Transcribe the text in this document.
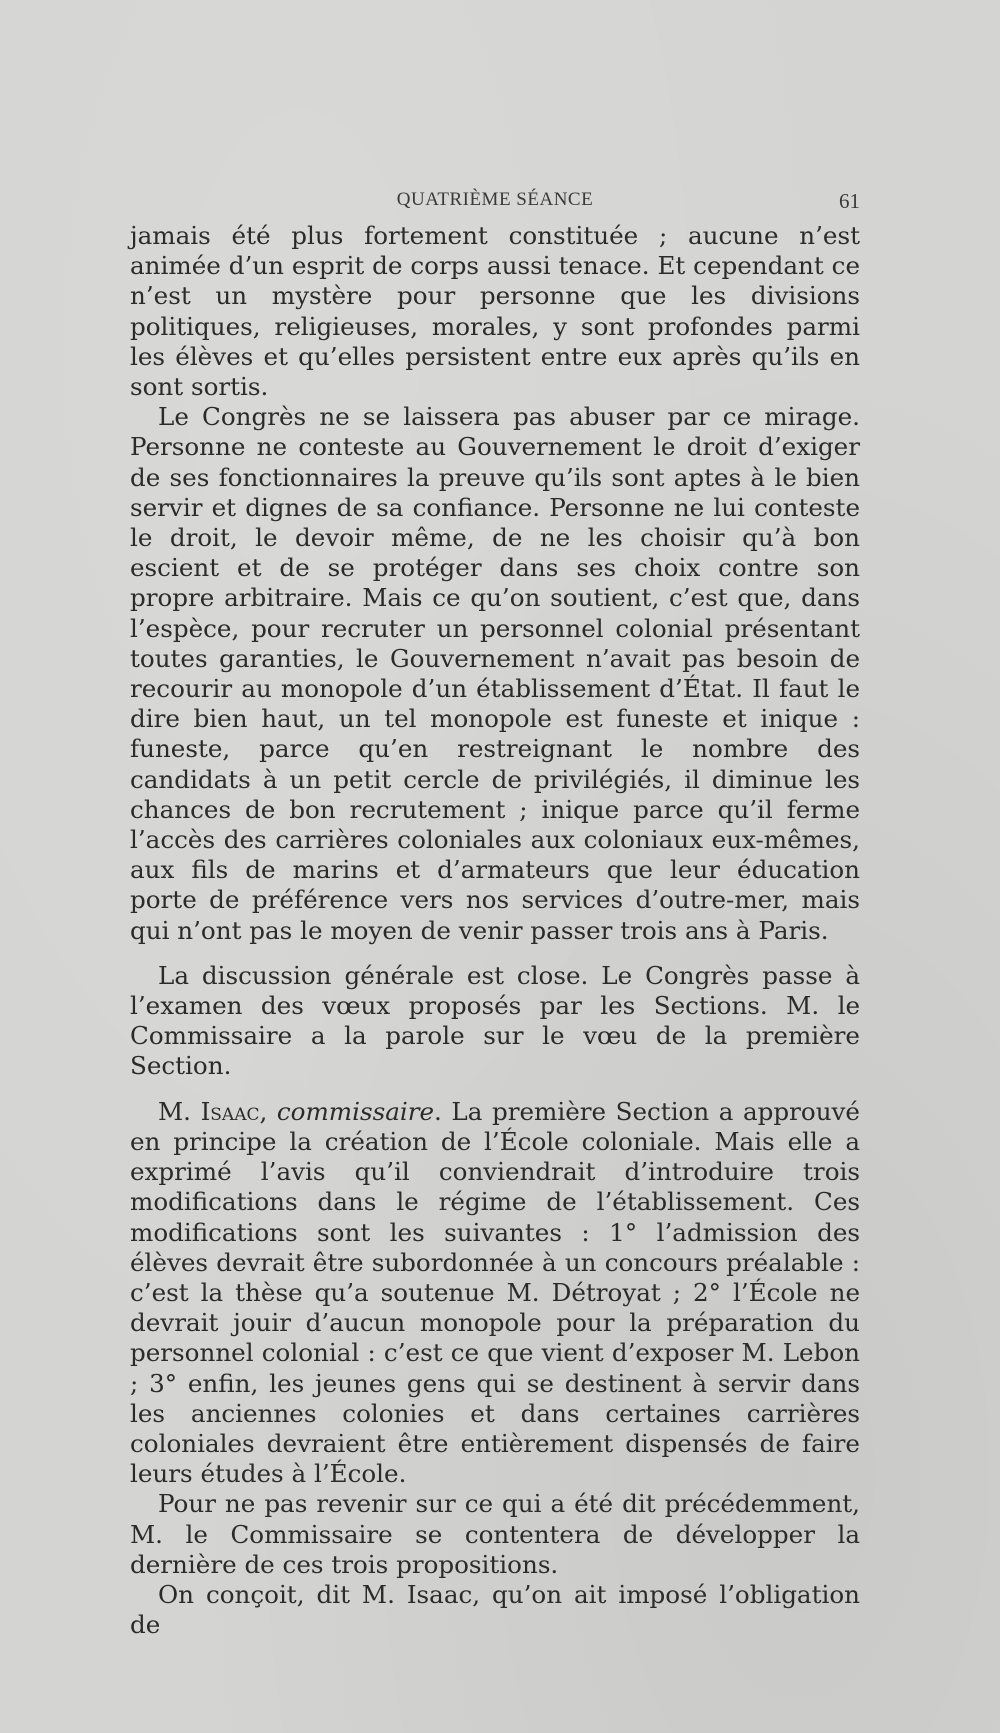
QUATRIÈME SÉANCE	61

jamais été plus fortement constituée ; aucune n’est animée d’un esprit de corps aussi tenace. Et cependant ce n’est un mystère pour personne que les divisions politiques, religieuses, morales, y sont profondes parmi les élèves et qu’elles persistent entre eux après qu’ils en sont sortis.

Le Congrès ne se laissera pas abuser par ce mirage. Personne ne conteste au Gouvernement le droit d’exiger de ses fonctionnaires la preuve qu’ils sont aptes à le bien servir et dignes de sa confiance. Personne ne lui conteste le droit, le devoir même, de ne les choisir qu’à bon escient et de se protéger dans ses choix contre son propre arbitraire. Mais ce qu’on soutient, c’est que, dans l’espèce, pour recruter un personnel colonial présentant toutes garanties, le Gouvernement n’avait pas besoin de recourir au monopole d’un établissement d’État. Il faut le dire bien haut, un tel monopole est funeste et inique : funeste, parce qu’en restreignant le nombre des candidats à un petit cercle de privilégiés, il diminue les chances de bon recrutement ; inique parce qu’il ferme l’accès des carrières coloniales aux coloniaux eux-mêmes, aux fils de marins et d’armateurs que leur éducation porte de préférence vers nos services d’outre-mer, mais qui n’ont pas le moyen de venir passer trois ans à Paris.

La discussion générale est close. Le Congrès passe à l’examen des vœux proposés par les Sections. M. le Commissaire a la parole sur le vœu de la première Section.

M. Isaac, commissaire. La première Section a approuvé en principe la création de l’École coloniale. Mais elle a exprimé l’avis qu’il conviendrait d’introduire trois modifications dans le régime de l’établissement. Ces modifications sont les suivantes : 1° l’admission des élèves devrait être subordonnée à un concours préalable : c’est la thèse qu’a soutenue M. Détroyat ; 2° l’École ne devrait jouir d’aucun monopole pour la préparation du personnel colonial : c’est ce que vient d’exposer M. Lebon ; 3° enfin, les jeunes gens qui se destinent à servir dans les anciennes colonies et dans certaines carrières coloniales devraient être entièrement dispensés de faire leurs études à l’École.

Pour ne pas revenir sur ce qui a été dit précédemment, M. le Commissaire se contentera de développer la dernière de ces trois propositions.

On conçoit, dit M. Isaac, qu’on ait imposé l’obligation de
